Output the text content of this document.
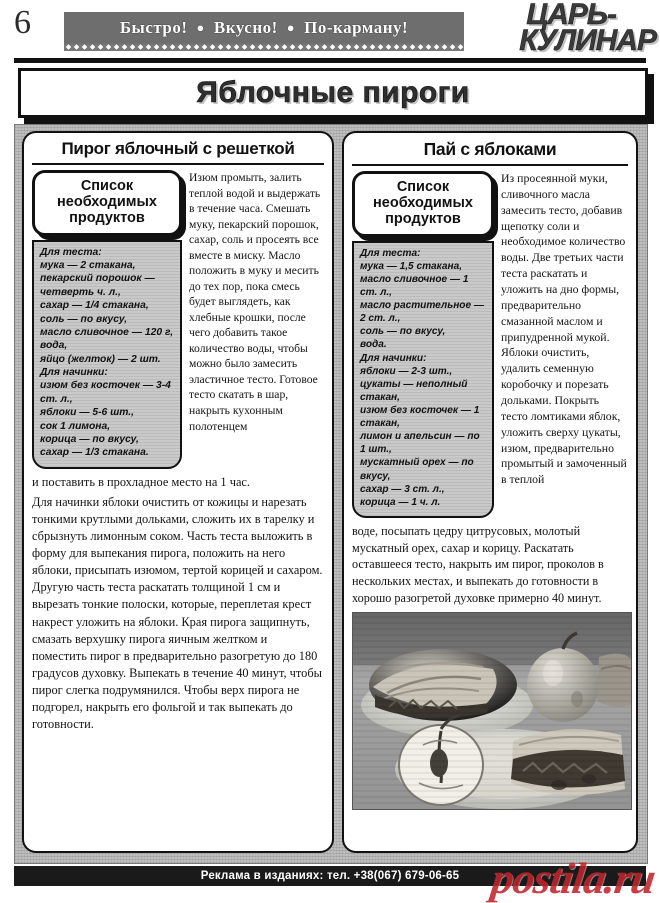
6	Быстро! ● Вкусно! ● По-карману!	ЦАРЬ-
КУЛИНАР
Яблочные пироги
Пирог яблочный с решеткой
Список необходимых продуктов
Для теста:
мука — 2 стакана,
пекарский порошок — четверть ч. л.,
сахар — 1/4 стакана,
соль — по вкусу,
масло сливочное — 120 г,
вода,
яйцо (желток) — 2 шт.
Для начинки:
изюм без косточек — 3-4 ст. л.,
яблоки — 5-6 шт.,
сок 1 лимона,
корица — по вкусу,
сахар — 1/3 стакана.

Изюм промыть, залить теплой водой и выдержать в течение часа. Смешать муку, пекарский порошок, сахар, соль и просеять все вместе в миску. Масло положить в муку и месить до тех пор, пока смесь будет выглядеть, как хлебные крошки, после чего добавить такое количество воды, чтобы можно было замесить эластичное тесто. Готовое тесто скатать в шар, накрыть кухонным полотенцем

и поставить в прохладное место на 1 час.

Для начинки яблоки очистить от кожицы и нарезать тонкими крутлыми дольками, сложить их в тарелку и сбрызнуть лимонным соком. Часть теста выложить в форму для выпекания пирога, положить на него яблоки, присыпать изюмом, тертой корицей и сахаром. Другую часть теста раскатать толщиной 1 см и вырезать тонкие полоски, которые, переплетая крест накрест уложить на яблоки. Края пирога защипнуть, смазать верхушку пирога яичным желтком и поместить пирог в предварительно разогретую до 180 градусов духовку. Выпекать в течение 40 минут, чтобы пирог слегка подрумянился. Чтобы верх пирога не подгорел, накрыть его фольгой и так выпекать до готовности.

Пай с яблоками
Список необходимых продуктов
Для теста:
мука — 1,5 стакана,
масло сливочное — 1 ст. л.,
масло растительное — 2 ст. л.,
соль — по вкусу,
вода.
Для начинки:
яблоки — 2-3 шт.,
цукаты — неполный стакан,
изюм без косточек — 1 стакан,
лимон и апельсин — по 1 шт.,
мускатный орех — по вкусу,
сахар — 3 ст. л.,
корица — 1 ч. л.

Из просеянной муки, сливочного масла замесить тесто, добавив щепотку соли и необходимое количество воды. Две третьих части теста раскатать и уложить на дно формы, предварительно смазанной маслом и припудренной мукой. Яблоки очистить, удалить семенную коробочку и порезать дольками. Покрыть тесто ломтиками яблок, уложить сверху цукаты, изюм, предварительно промытый и замоченный в теплой

воде, посыпать цедру цитрусовых, молотый мускатный орех, сахар и корицу. Раскатать оставшееся тесто, накрыть им пирог, проколов в нескольких местах, и выпекать до готовности в хорошо разогретой духовке примерно 40 минут.

Реклама в изданиях: тел. +38(067) 679-06-65 postila.ru
